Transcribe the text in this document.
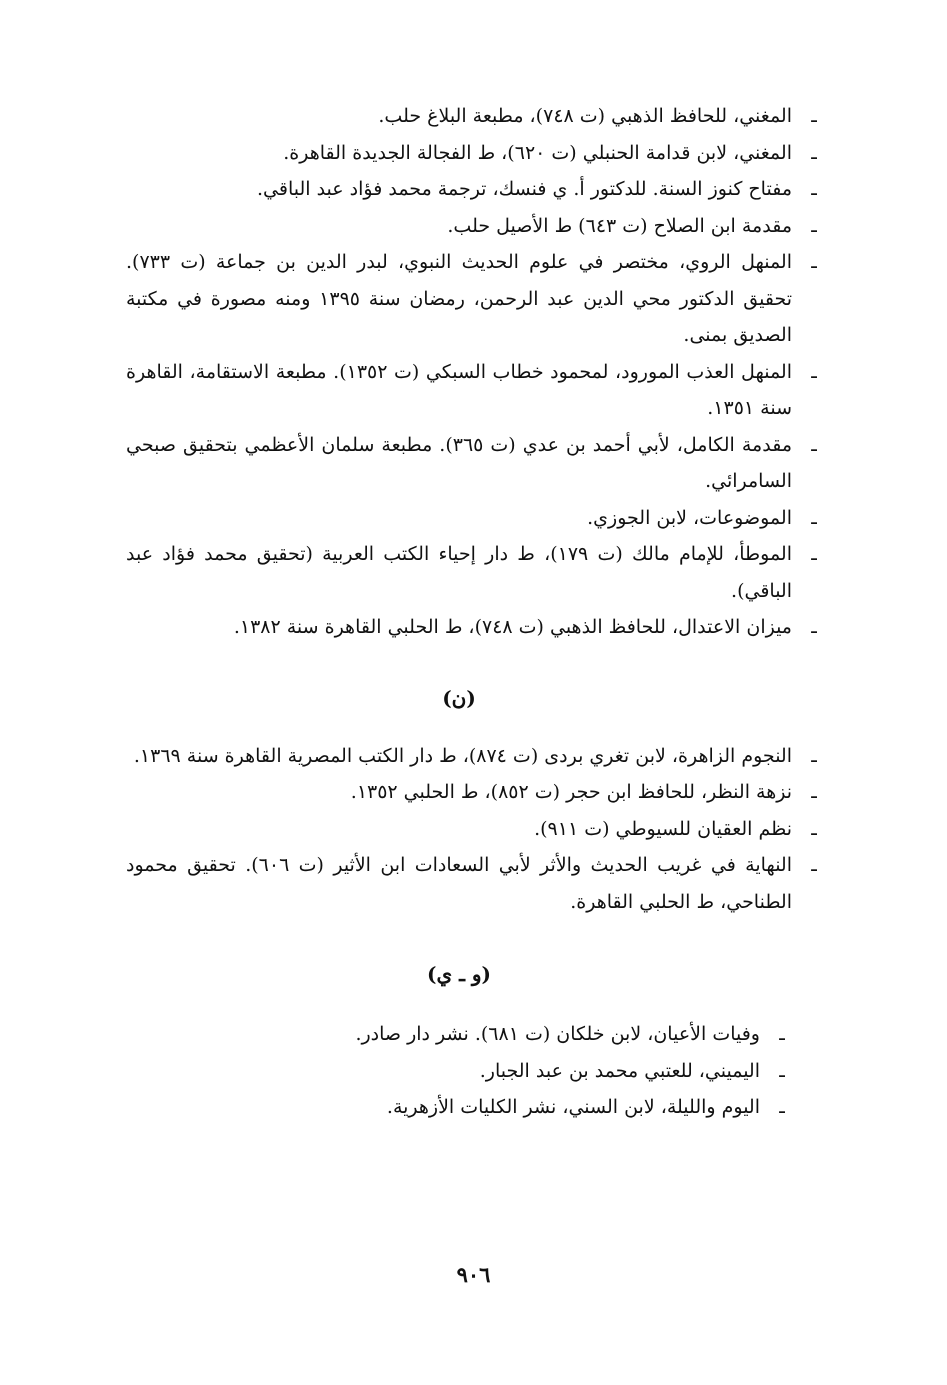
ـ
المغني، للحافظ الذهبي (ت ٧٤٨)، مطبعة البلاغ حلب.
ـ
المغني، لابن قدامة الحنبلي (ت ٦٢٠)، ط الفجالة الجديدة القاهرة.
ـ
مفتاح كنوز السنة. للدكتور أ. ي فنسك، ترجمة محمد فؤاد عبد الباقي.
ـ
مقدمة ابن الصلاح (ت ٦٤٣) ط الأصيل حلب.
ـ
المنهل الروي، مختصر في علوم الحديث النبوي، لبدر الدين بن جماعة (ت ٧٣٣). تحقيق الدكتور محي الدين عبد الرحمن، رمضان سنة ١٣٩٥ ومنه مصورة في مكتبة الصديق بمنى.
ـ
المنهل العذب المورود، لمحمود خطاب السبكي (ت ١٣٥٢). مطبعة الاستقامة، القاهرة سنة ١٣٥١.
ـ
مقدمة الكامل، لأبي أحمد بن عدي (ت ٣٦٥). مطبعة سلمان الأعظمي بتحقيق صبحي السامرائي.
ـ
الموضوعات، لابن الجوزي.
ـ
الموطأ، للإمام مالك (ت ١٧٩)، ط دار إحياء الكتب العربية (تحقيق محمد فؤاد عبد الباقي).
ـ
ميزان الاعتدال، للحافظ الذهبي (ت ٧٤٨)، ط الحلبي القاهرة سنة ١٣٨٢.
(ن)
ـ
النجوم الزاهرة، لابن تغري بردى (ت ٨٧٤)، ط دار الكتب المصرية القاهرة سنة ١٣٦٩.
ـ
نزهة النظر، للحافظ ابن حجر (ت ٨٥٢)، ط الحلبي ١٣٥٢.
ـ
نظم العقيان للسيوطي (ت ٩١١).
ـ
النهاية في غريب الحديث والأثر لأبي السعادات ابن الأثير (ت ٦٠٦). تحقيق محمود الطناحي، ط الحلبي القاهرة.
(و ـ ي)
ـ
وفيات الأعيان، لابن خلكان (ت ٦٨١). نشر دار صادر.
ـ
اليميني، للعتبي محمد بن عبد الجبار.
ـ
اليوم والليلة، لابن السني، نشر الكليات الأزهرية.
٩٠٦
